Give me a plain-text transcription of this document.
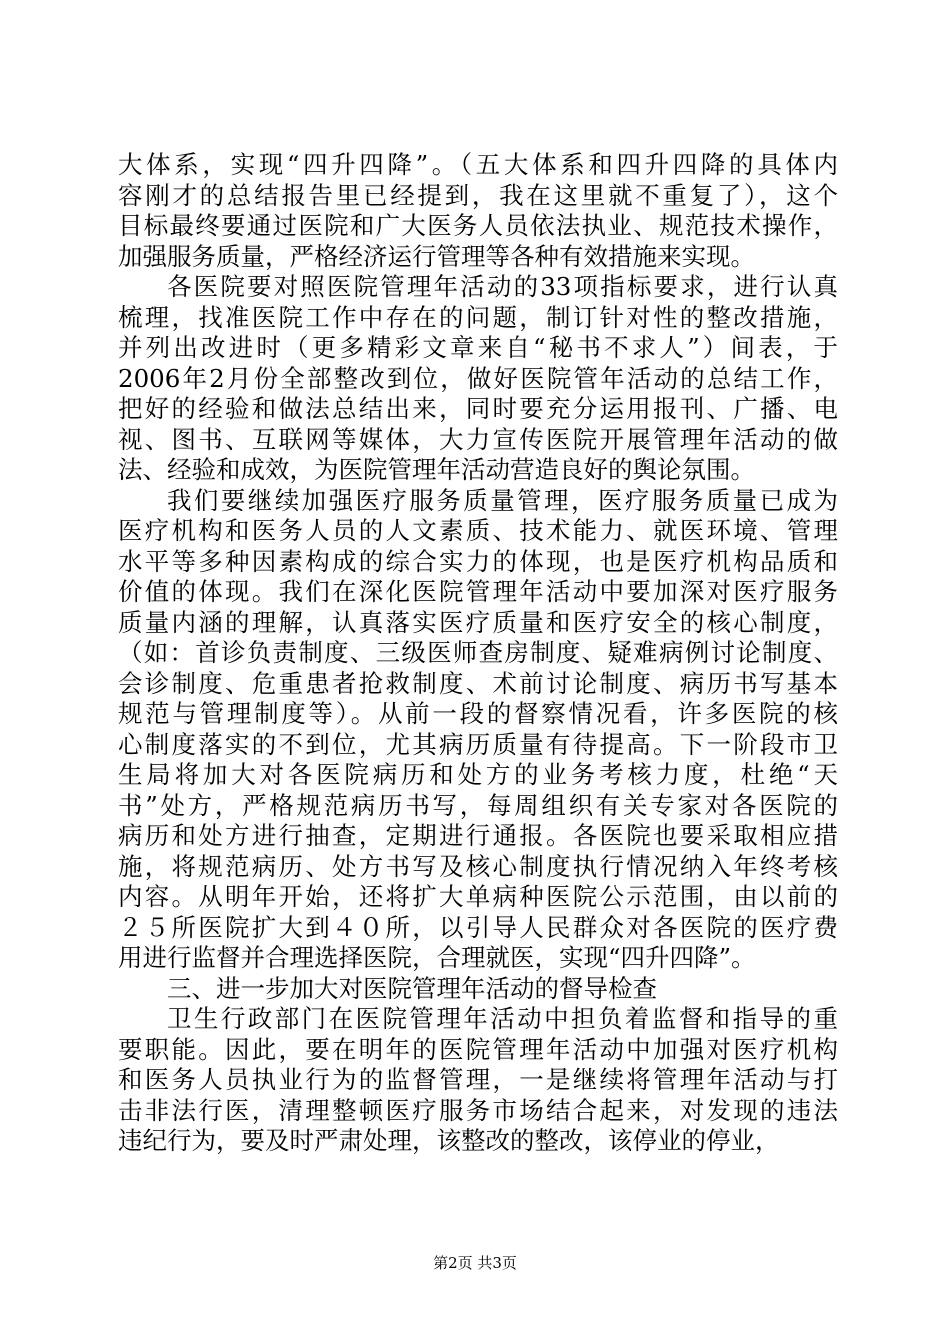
大体系，实现“四升四降”。（五大体系和四升四降的具体内
容刚才的总结报告里已经提到，我在这里就不重复了），这个
目标最终要通过医院和广大医务人员依法执业、规范技术操作，
加强服务质量，严格经济运行管理等各种有效措施来实现。
各医院要对照医院管理年活动的33项指标要求，进行认真
梳理，找准医院工作中存在的问题，制订针对性的整改措施，
并列出改进时（更多精彩文章来自“秘书不求人”）间表，于
2006年2月份全部整改到位，做好医院管年活动的总结工作，
把好的经验和做法总结出来，同时要充分运用报刊、广播、电
视、图书、互联网等媒体，大力宣传医院开展管理年活动的做
法、经验和成效，为医院管理年活动营造良好的舆论氛围。
我们要继续加强医疗服务质量管理，医疗服务质量已成为
医疗机构和医务人员的人文素质、技术能力、就医环境、管理
水平等多种因素构成的综合实力的体现，也是医疗机构品质和
价值的体现。我们在深化医院管理年活动中要加深对医疗服务
质量内涵的理解，认真落实医疗质量和医疗安全的核心制度，
（如：首诊负责制度、三级医师查房制度、疑难病例讨论制度、
会诊制度、危重患者抢救制度、术前讨论制度、病历书写基本
规范与管理制度等）。从前一段的督察情况看，许多医院的核
心制度落实的不到位，尤其病历质量有待提高。下一阶段市卫
生局将加大对各医院病历和处方的业务考核力度，杜绝“天
书”处方，严格规范病历书写，每周组织有关专家对各医院的
病历和处方进行抽查，定期进行通报。各医院也要采取相应措
施，将规范病历、处方书写及核心制度执行情况纳入年终考核
内容。从明年开始，还将扩大单病种医院公示范围，由以前的
２５所医院扩大到４０所，以引导人民群众对各医院的医疗费
用进行监督并合理选择医院，合理就医，实现“四升四降”。
三、进一步加大对医院管理年活动的督导检查
卫生行政部门在医院管理年活动中担负着监督和指导的重
要职能。因此，要在明年的医院管理年活动中加强对医疗机构
和医务人员执业行为的监督管理，一是继续将管理年活动与打
击非法行医，清理整顿医疗服务市场结合起来，对发现的违法
违纪行为，要及时严肃处理，该整改的整改，该停业的停业，
第2页 共3页
